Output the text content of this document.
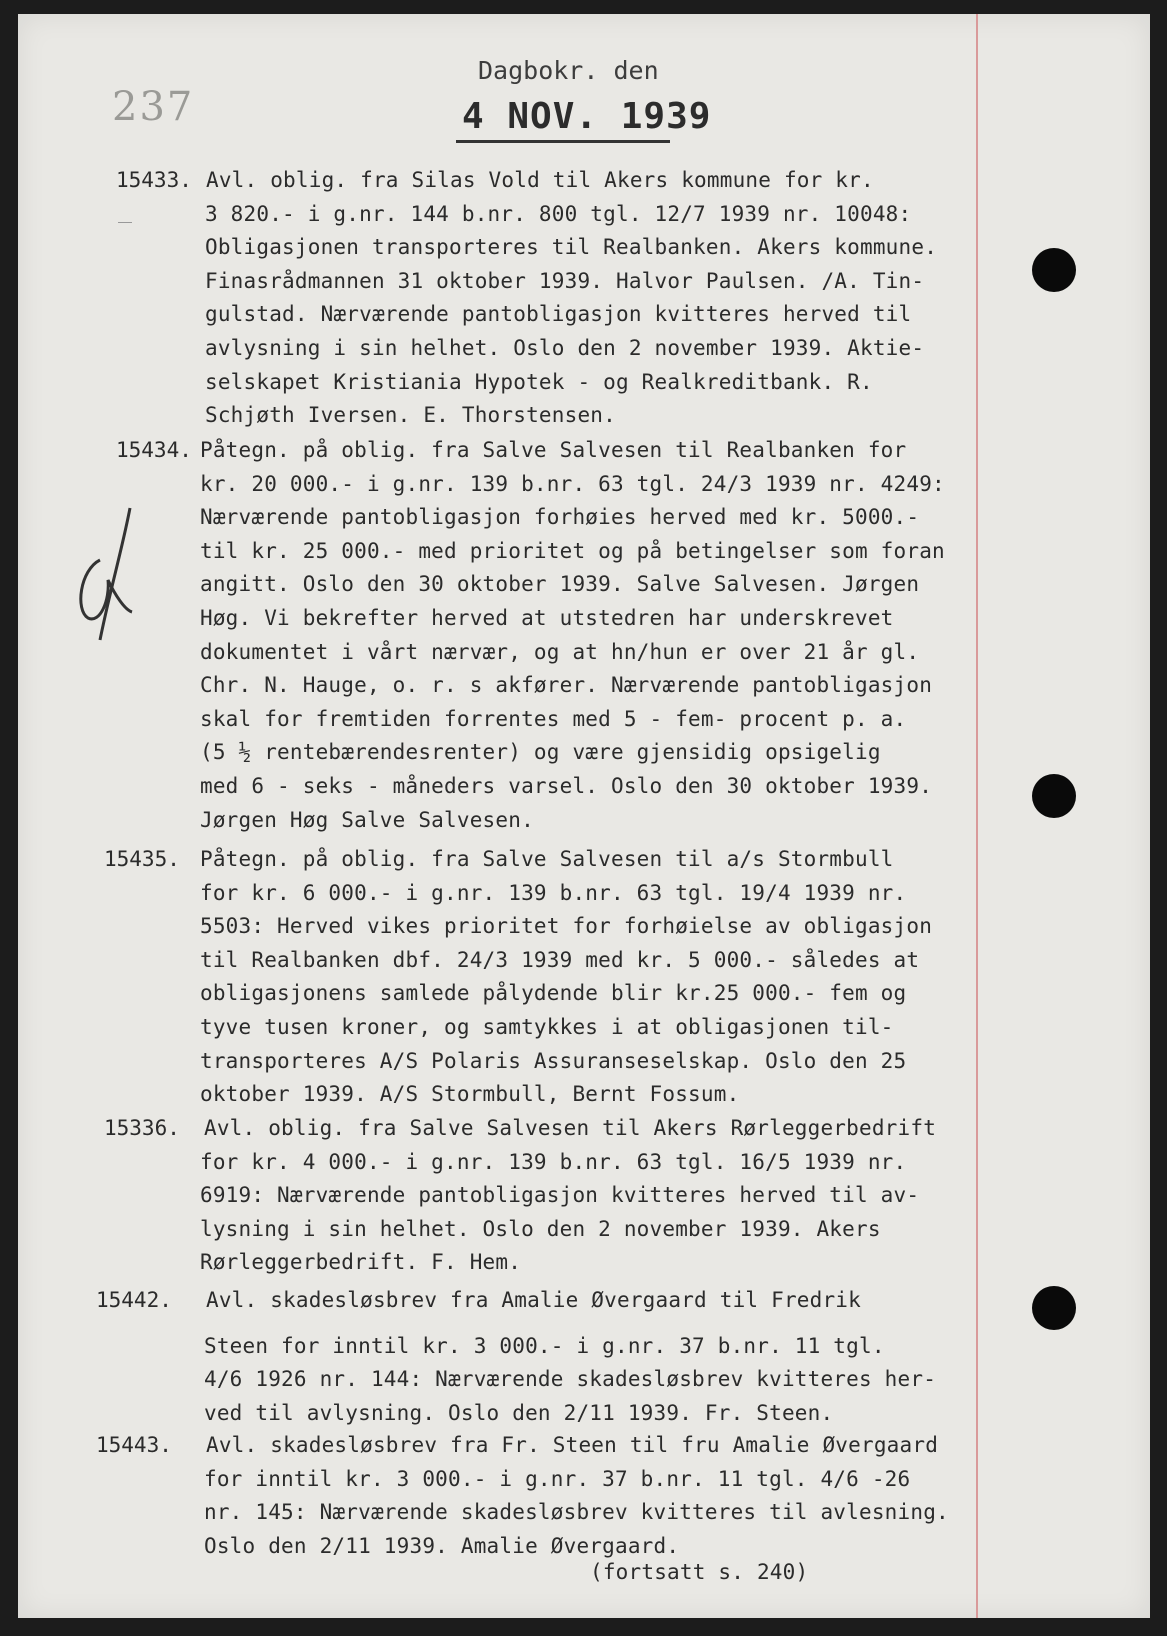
237
Dagbokr. den
4 NOV. 1939
15433. Avl. oblig. fra Silas Vold til Akers kommune for kr.
3 820.- i g.nr. 144 b.nr. 800 tgl. 12/7 1939 nr. 10048:
Obligasjonen transporteres til Realbanken. Akers kommune.
Finasrådmannen 31 oktober 1939. Halvor Paulsen. /A. Tin-
gulstad. Nærværende pantobligasjon kvitteres herved til
avlysning i sin helhet. Oslo den 2 november 1939. Aktie-
selskapet Kristiania Hypotek - og Realkreditbank. R.
Schjøth Iversen. E. Thorstensen.
15434. Påtegn. på oblig. fra Salve Salvesen til Realbanken for
kr. 20 000.- i g.nr. 139 b.nr. 63 tgl. 24/3 1939 nr. 4249:
Nærværende pantobligasjon forhøies herved med kr. 5000.-
til kr. 25 000.- med prioritet og på betingelser som foran
angitt. Oslo den 30 oktober 1939. Salve Salvesen. Jørgen
Høg. Vi bekrefter herved at utstedren har underskrevet
dokumentet i vårt nærvær, og at hn/hun er over 21 år gl.
Chr. N. Hauge, o. r. s akfører. Nærværende pantobligasjon
skal for fremtiden forrentes med 5 - fem- procent p. a.
(5 ½ rentebærendesrenter) og være gjensidig opsigelig
med 6 - seks - måneders varsel. Oslo den 30 oktober 1939.
Jørgen Høg Salve Salvesen.
15435. Påtegn. på oblig. fra Salve Salvesen til a/s Stormbull
for kr. 6 000.- i g.nr. 139 b.nr. 63 tgl. 19/4 1939 nr.
5503: Herved vikes prioritet for forhøielse av obligasjon
til Realbanken dbf. 24/3 1939 med kr. 5 000.- således at
obligasjonens samlede pålydende blir kr.25 000.- fem og
tyve tusen kroner, og samtykkes i at obligasjonen til-
transporteres A/S Polaris Assuranseselskap. Oslo den 25
oktober 1939. A/S Stormbull, Bernt Fossum.
15336. Avl. oblig. fra Salve Salvesen til Akers Rørleggerbedrift
for kr. 4 000.- i g.nr. 139 b.nr. 63 tgl. 16/5 1939 nr.
6919: Nærværende pantobligasjon kvitteres herved til av-
lysning i sin helhet. Oslo den 2 november 1939. Akers
Rørleggerbedrift. F. Hem.
15442. Avl. skadesløsbrev fra Amalie Øvergaard til Fredrik
Steen for inntil kr. 3 000.- i g.nr. 37 b.nr. 11 tgl.
4/6 1926 nr. 144: Nærværende skadesløsbrev kvitteres her-
ved til avlysning. Oslo den 2/11 1939. Fr. Steen.
15443. Avl. skadesløsbrev fra Fr. Steen til fru Amalie Øvergaard
for inntil kr. 3 000.- i g.nr. 37 b.nr. 11 tgl. 4/6 -26
nr. 145: Nærværende skadesløsbrev kvitteres til avlesning.
Oslo den 2/11 1939. Amalie Øvergaard.
(fortsatt s. 240)
